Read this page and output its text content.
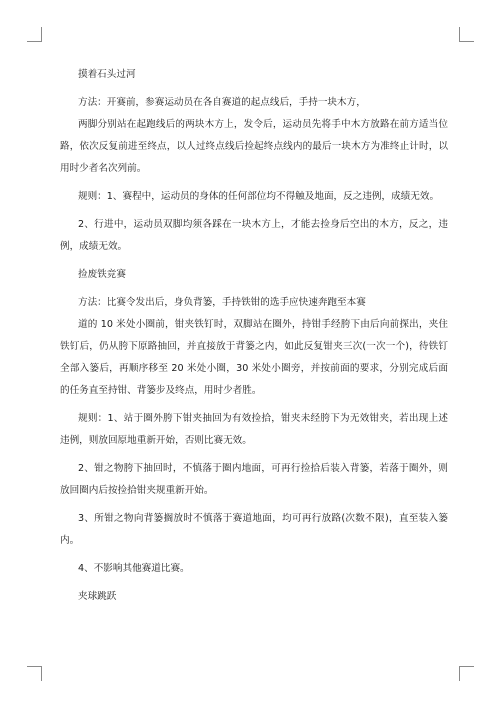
摸着石头过河

方法：开赛前，参赛运动员在各自赛道的起点线后，手持一块木方，

两脚分别站在起跑线后的两块木方上，发令后，运动员先将手中木方放路在前方适当位路，依次反复前进至终点，以人过终点线后捡起终点线内的最后一块木方为准终止计时，以用时少者名次列前。

规则：1、赛程中，运动员的身体的任何部位均不得触及地面，反之违例，成绩无效。

2、行进中，运动员双脚均须各踩在一块木方上，才能去捡身后空出的木方，反之，违例，成绩无效。

捡废铁竞赛

方法：比赛令发出后，身负背篓，手持铁钳的选手应快速奔跑至本赛

道的 10 米处小圈前，钳夹铁钉时，双脚站在圈外，持钳手经胯下由后向前探出，夹住铁钉后，仍从胯下原路抽回，并直接放于背篓之内，如此反复钳夹三次(一次一个)，待铁钉全部入篓后，再顺序移至 20 米处小圈，30 米处小圈旁，并按前面的要求，分别完成后面的任务直至持钳、背篓步及终点，用时少者胜。

规则：1、站于圈外胯下钳夹抽回为有效捡拾，钳夹未经胯下为无效钳夹，若出现上述违例，则放回原地重新开始，否则比赛无效。

2、钳之物胯下抽回时，不慎落于圈内地面，可再行捡拾后装入背篓，若落于圈外，则放回圈内后按捡拾钳夹规重新开始。

3、所钳之物向背篓搁放时不慎落于赛道地面，均可再行放路(次数不限)，直至装入篓内。

4、不影响其他赛道比赛。

夹球跳跃
